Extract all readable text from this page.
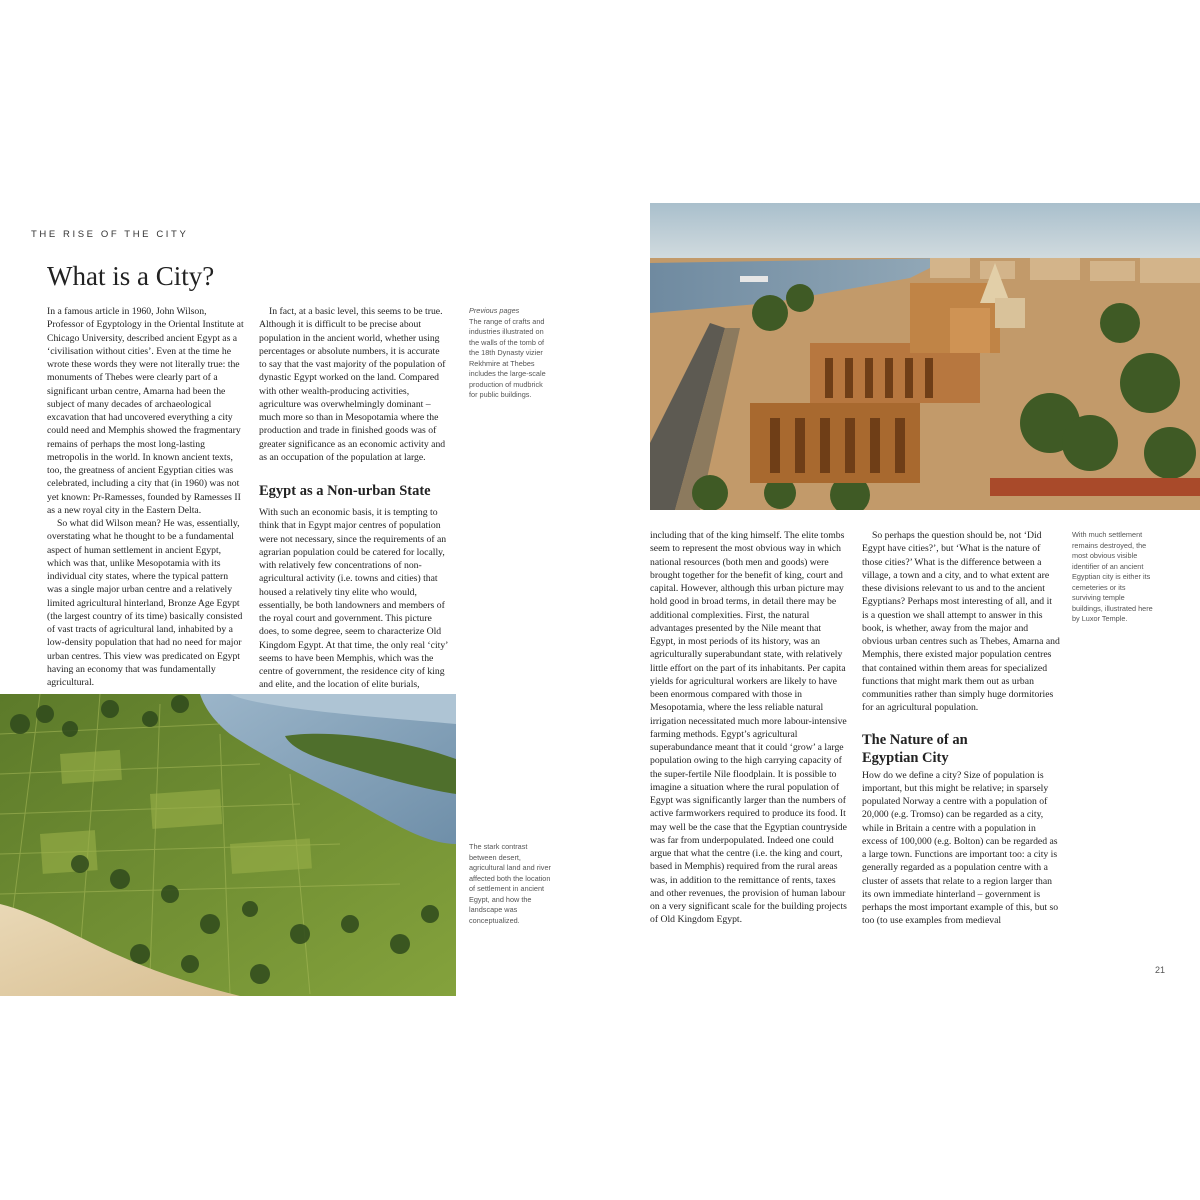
THE RISE OF THE CITY
What is a City?

In a famous article in 1960, John Wilson, Professor of Egyptology in the Oriental Institute at Chicago University, described ancient Egypt as a ‘civilisation without cities’. Even at the time he wrote these words they were not literally true: the monuments of Thebes were clearly part of a significant urban centre, Amarna had been the subject of many decades of archaeological excavation that had uncovered everything a city could need and Memphis showed the fragmentary remains of perhaps the most long-lasting metropolis in the world. In known ancient texts, too, the greatness of ancient Egyptian cities was celebrated, including a city that (in 1960) was not yet known: Pr-Ramesses, founded by Ramesses II as a new royal city in the Eastern Delta.

So what did Wilson mean? He was, essentially, overstating what he thought to be a fundamental aspect of human settlement in ancient Egypt, which was that, unlike Mesopotamia with its individual city states, where the typical pattern was a single major urban centre and a relatively limited agricultural hinterland, Bronze Age Egypt (the largest country of its time) basically consisted of vast tracts of agricultural land, inhabited by a low-density population that had no need for major urban centres. This view was predicated on Egypt having an economy that was fundamentally agricultural.

In fact, at a basic level, this seems to be true. Although it is difficult to be precise about population in the ancient world, whether using percentages or absolute numbers, it is accurate to say that the vast majority of the population of dynastic Egypt worked on the land. Compared with other wealth-producing activities, agriculture was overwhelmingly dominant – much more so than in Mesopotamia where the production and trade in finished goods was of greater significance as an economic activity and as an occupation of the population at large.

Egypt as a Non-urban State

With such an economic basis, it is tempting to think that in Egypt major centres of population were not necessary, since the requirements of an agrarian population could be catered for locally, with relatively few concentrations of non-agricultural activity (i.e. towns and cities) that housed a relatively tiny elite who would, essentially, be both landowners and members of the royal court and government. This picture does, to some degree, seem to characterize Old Kingdom Egypt. At that time, the only real ‘city’ seems to have been Memphis, which was the centre of government, the residence city of king and elite, and the location of elite burials,

Previous pages
The range of crafts and industries illustrated on the walls of the tomb of the 18th Dynasty vizier Rekhmire at Thebes includes the large-scale production of mudbrick for public buildings.
The stark contrast between desert, agricultural land and river affected both the location of settlement in ancient Egypt, and how the landscape was conceptualized.

including that of the king himself. The elite tombs seem to represent the most obvious way in which national resources (both men and goods) were brought together for the benefit of king, court and capital. However, although this urban picture may hold good in broad terms, in detail there may be additional complexities. First, the natural advantages presented by the Nile meant that Egypt, in most periods of its history, was an agriculturally superabundant state, with relatively little effort on the part of its inhabitants. Per capita yields for agricultural workers are likely to have been enormous compared with those in Mesopotamia, where the less reliable natural irrigation necessitated much more labour-intensive farming methods. Egypt’s agricultural superabundance meant that it could ‘grow’ a large population owing to the high carrying capacity of the super-fertile Nile floodplain. It is possible to imagine a situation where the rural population of Egypt was significantly larger than the numbers of active farmworkers required to produce its food. It may well be the case that the Egyptian countryside was far from underpopulated. Indeed one could argue that what the centre (i.e. the king and court, based in Memphis) required from the rural areas was, in addition to the remittance of rents, taxes and other revenues, the provision of human labour on a very significant scale for the building projects of Old Kingdom Egypt.

So perhaps the question should be, not ‘Did Egypt have cities?’, but ‘What is the nature of those cities?’ What is the difference between a village, a town and a city, and to what extent are these divisions relevant to us and to the ancient Egyptians? Perhaps most interesting of all, and it is a question we shall attempt to answer in this book, is whether, away from the major and obvious urban centres such as Thebes, Amarna and Memphis, there existed major population centres that contained within them areas for specialized functions that might mark them out as urban communities rather than simply huge dormitories for an agricultural population.

The Nature of an Egyptian City

How do we define a city? Size of population is important, but this might be relative; in sparsely populated Norway a centre with a population of 20,000 (e.g. Tromso) can be regarded as a city, while in Britain a centre with a population in excess of 100,000 (e.g. Bolton) can be regarded as a large town. Functions are important too: a city is generally regarded as a population centre with a cluster of assets that relate to a region larger than its own immediate hinterland – government is perhaps the most important example of this, but so too (to use examples from medieval

With much settlement remains destroyed, the most obvious visible identifier of an ancient Egyptian city is either its cemeteries or its surviving temple buildings, illustrated here by Luxor Temple.
21
